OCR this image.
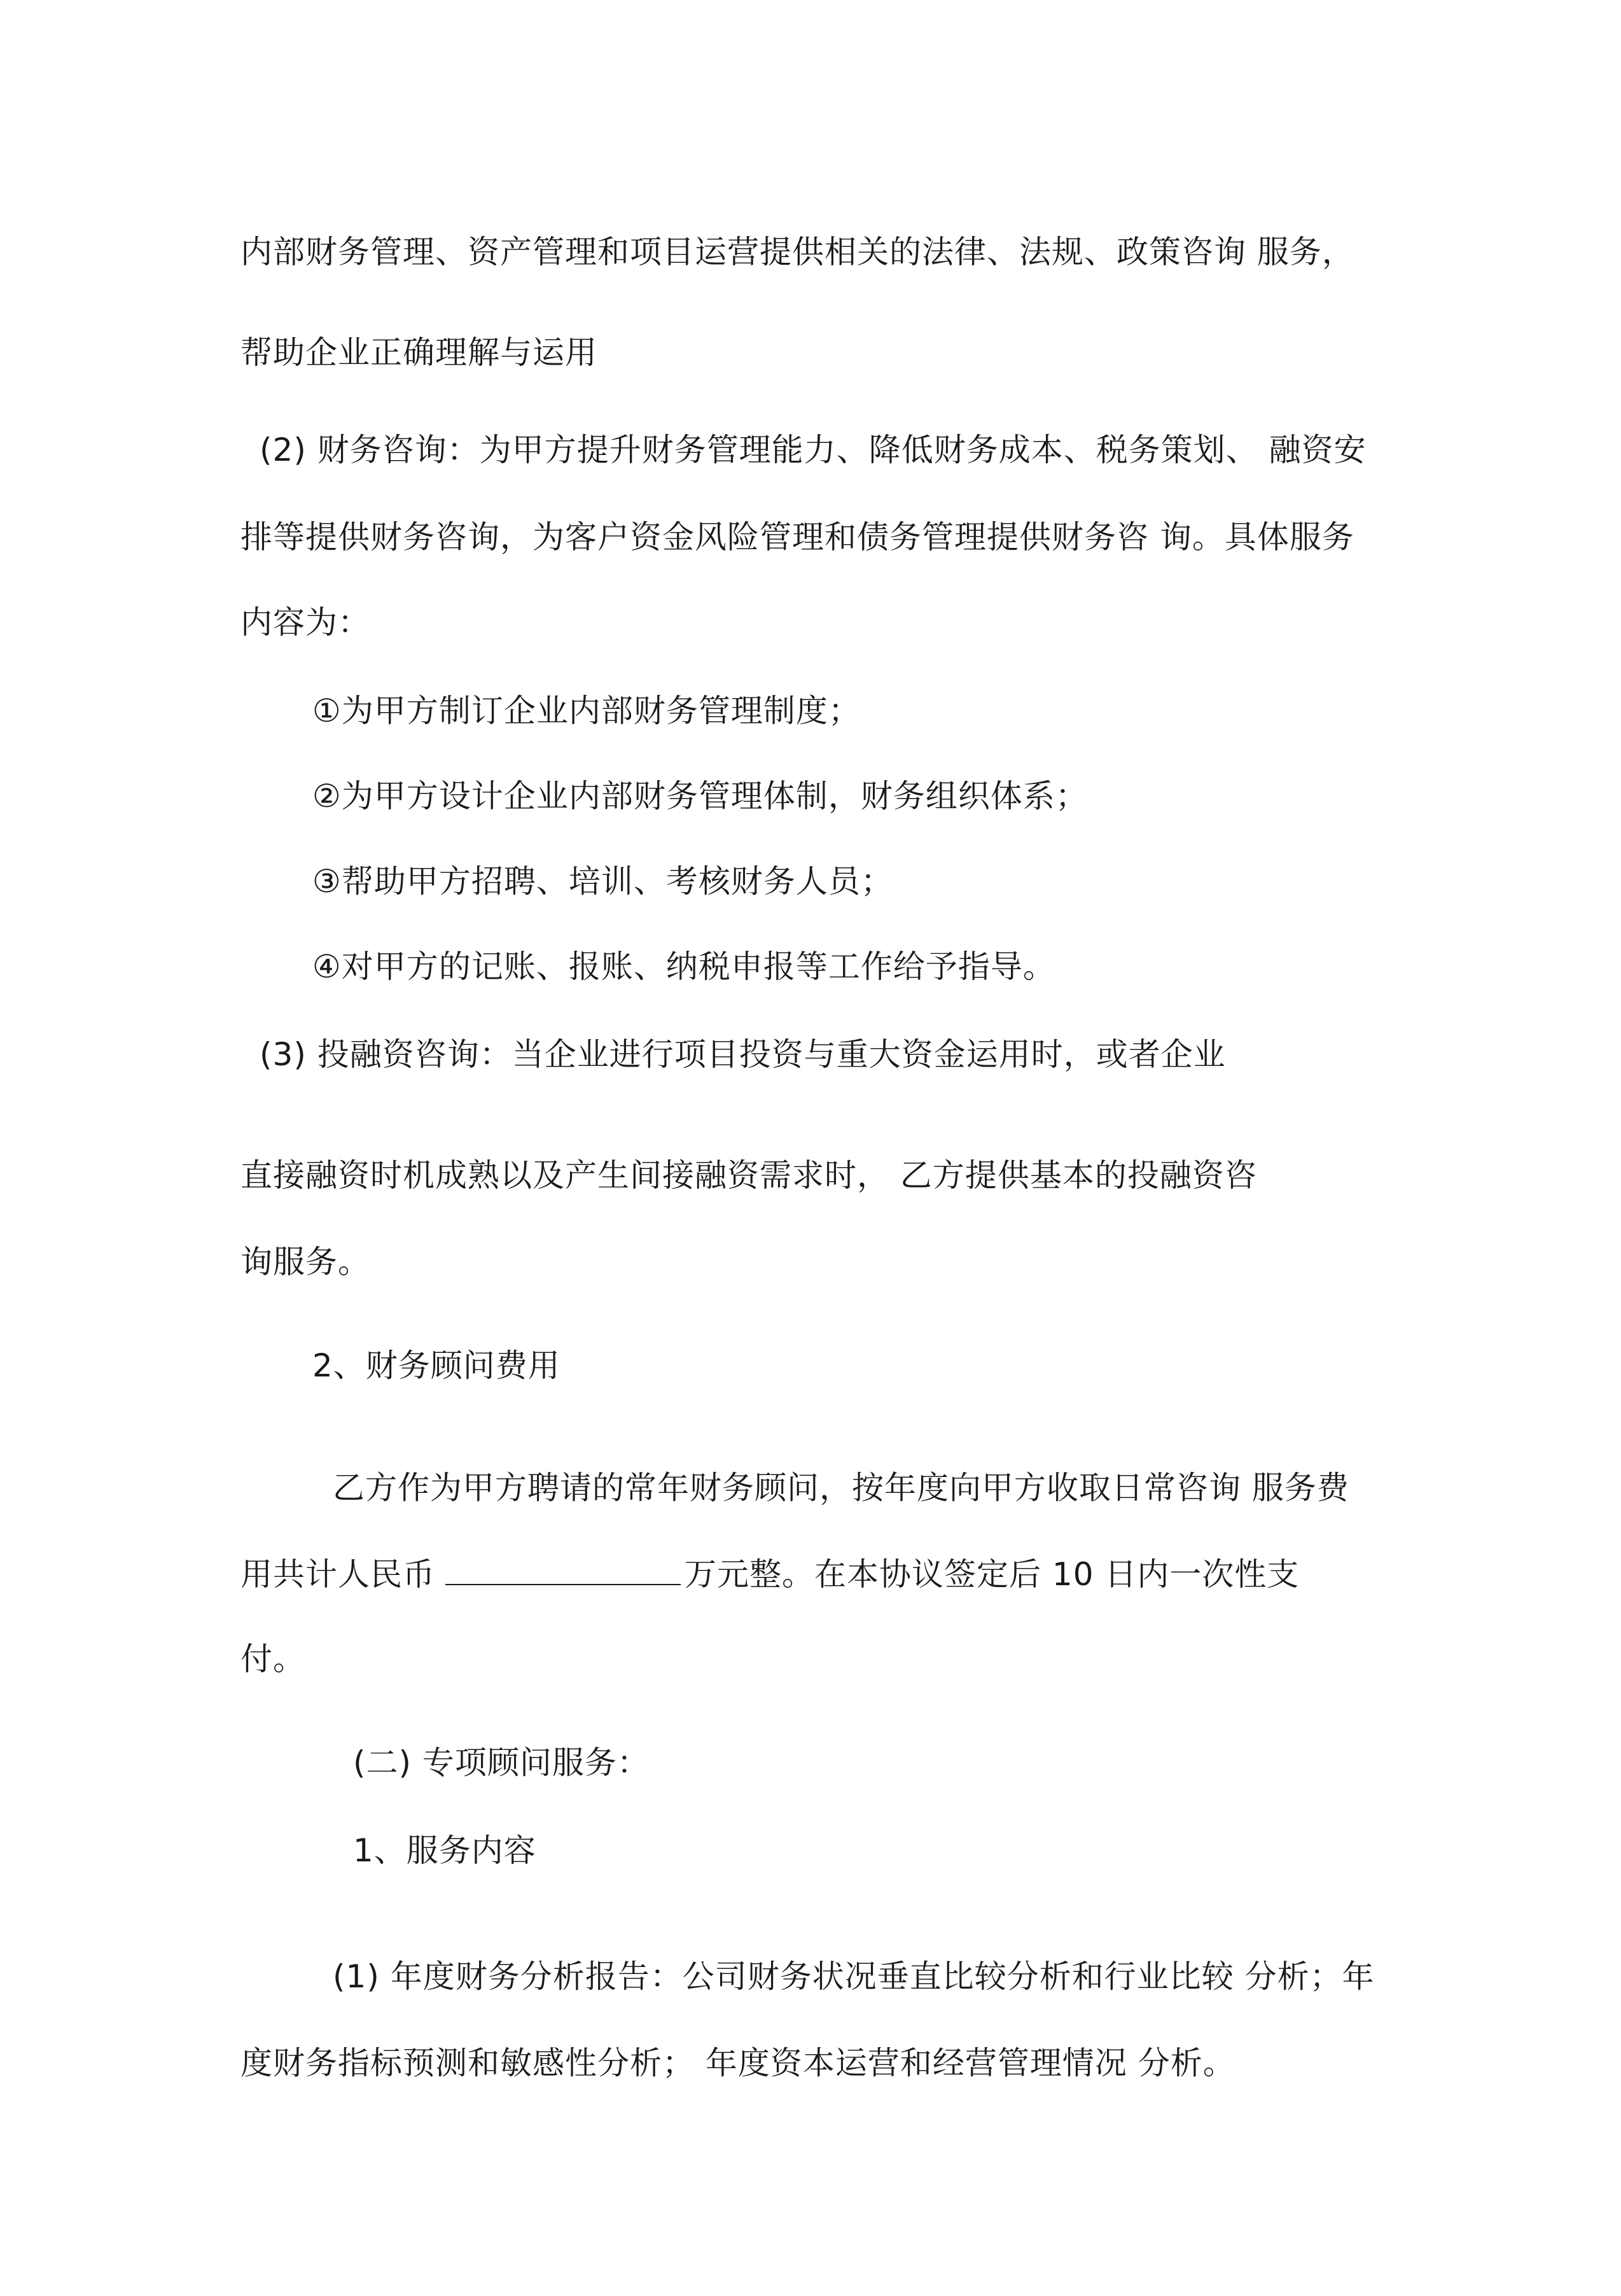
内部财务管理、资产管理和项目运营提供相关的法律、法规、政策咨询 服务，
帮助企业正确理解与运用
(2) 财务咨询：为甲方提升财务管理能力、降低财务成本、税务策划、 融资安
排等提供财务咨询，为客户资金风险管理和债务管理提供财务咨 询。具体服务
内容为：
①为甲方制订企业内部财务管理制度；
②为甲方设计企业内部财务管理体制，财务组织体系；
③帮助甲方招聘、培训、考核财务人员；
④对甲方的记账、报账、纳税申报等工作给予指导。
(3) 投融资咨询：当企业进行项目投资与重大资金运用时，或者企业
直接融资时机成熟以及产生间接融资需求时， 乙方提供基本的投融资咨
询服务。
2、财务顾问费用
乙方作为甲方聘请的常年财务顾问，按年度向甲方收取日常咨询 服务费
用共计人民币	万元整。在本协议签定后 10 日内一次性支
付。
(二) 专项顾问服务：
1、服务内容
(1) 年度财务分析报告：公司财务状况垂直比较分析和行业比较 分析；年
度财务指标预测和敏感性分析； 年度资本运营和经营管理情况 分析。
